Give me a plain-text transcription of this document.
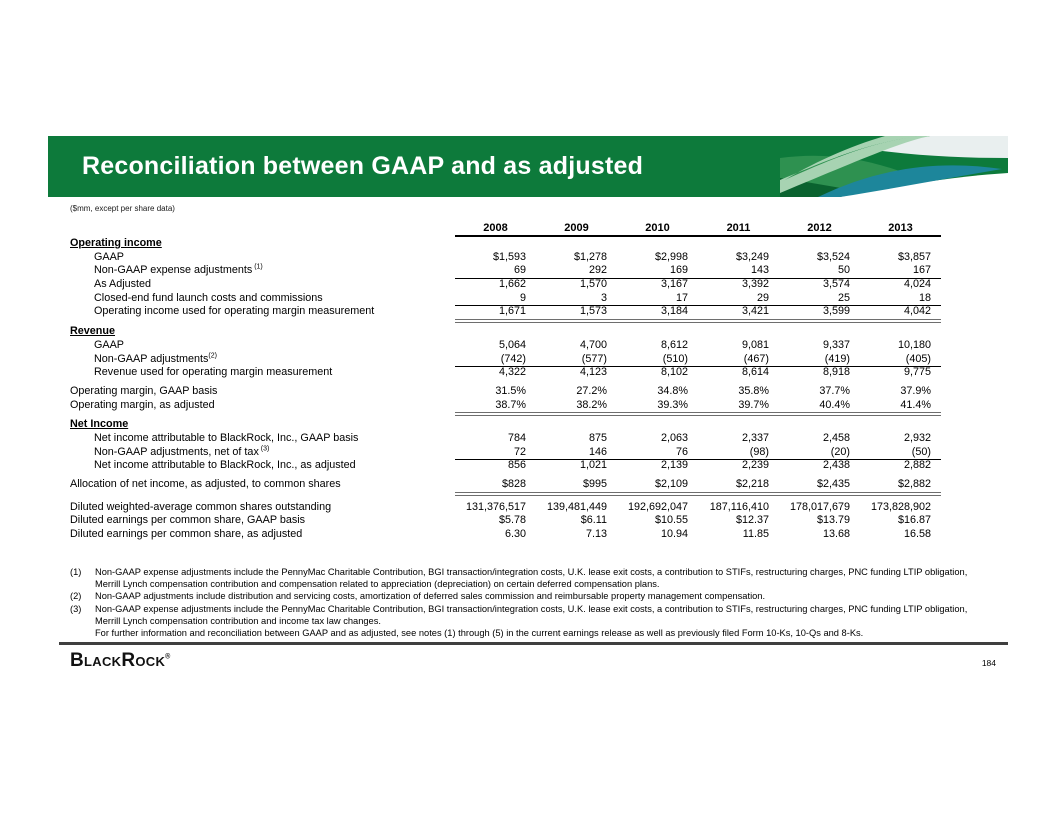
Reconciliation between GAAP and as adjusted
($mm, except per share data)
2008	2009	2010	2011	2012	2013
Operating income
GAAP	$1,593	$1,278	$2,998	$3,249	$3,524	$3,857
Non-GAAP expense adjustments $^{(1)}$	69	292	169	143	50	167
As Adjusted	1,662	1,570	3,167	3,392	3,574	4,024
Closed-end fund launch costs and commissions	9	3	17	29	25	18
Operating income used for operating margin measurement	1,671	1,573	3,184	3,421	3,599	4,042
Revenue
GAAP	5,064	4,700	8,612	9,081	9,337	10,180
Non-GAAP adjustments$^{(2)}$	(742)	(577)	(510)	(467)	(419)	(405)
Revenue used for operating margin measurement	4,322	4,123	8,102	8,614	8,918	9,775
Operating margin, GAAP basis	31.5%	27.2%	34.8%	35.8%	37.7%	37.9%
Operating margin, as adjusted	38.7%	38.2%	39.3%	39.7%	40.4%	41.4%
Net Income
Net income attributable to BlackRock, Inc., GAAP basis	784	875	2,063	2,337	2,458	2,932
Non-GAAP adjustments, net of tax $^{(3)}$	72	146	76	(98)	(20)	(50)
Net income attributable to BlackRock, Inc., as adjusted	856	1,021	2,139	2,239	2,438	2,882
Allocation of net income, as adjusted, to common shares	$828	$995	$2,109	$2,218	$2,435	$2,882
Diluted weighted-average common shares outstanding	131,376,517	139,481,449	192,692,047	187,116,410	178,017,679	173,828,902
Diluted earnings per common share, GAAP basis	$5.78	$6.11	$10.55	$12.37	$13.79	$16.87
Diluted earnings per common share, as adjusted	6.30	7.13	10.94	11.85	13.68	16.58
(1)	Non-GAAP expense adjustments include the PennyMac Charitable Contribution, BGI transaction/integration costs, U.K. lease exit costs, a contribution to STIFs, restructuring charges, PNC funding LTIP obligation, Merrill Lynch compensation contribution and compensation related to appreciation (depreciation) on certain deferred compensation plans.
(2)	Non-GAAP adjustments include distribution and servicing costs, amortization of deferred sales commission and reimbursable property management compensation.
(3)	Non-GAAP expense adjustments include the PennyMac Charitable Contribution, BGI transaction/integration costs, U.K. lease exit costs, a contribution to STIFs, restructuring charges, PNC funding LTIP obligation, Merrill Lynch compensation contribution and income tax law changes.
For further information and reconciliation between GAAP and as adjusted, see notes (1) through (5) in the current earnings release as well as previously filed Form 10-Ks, 10-Qs and 8-Ks.
BlackRock®
184
